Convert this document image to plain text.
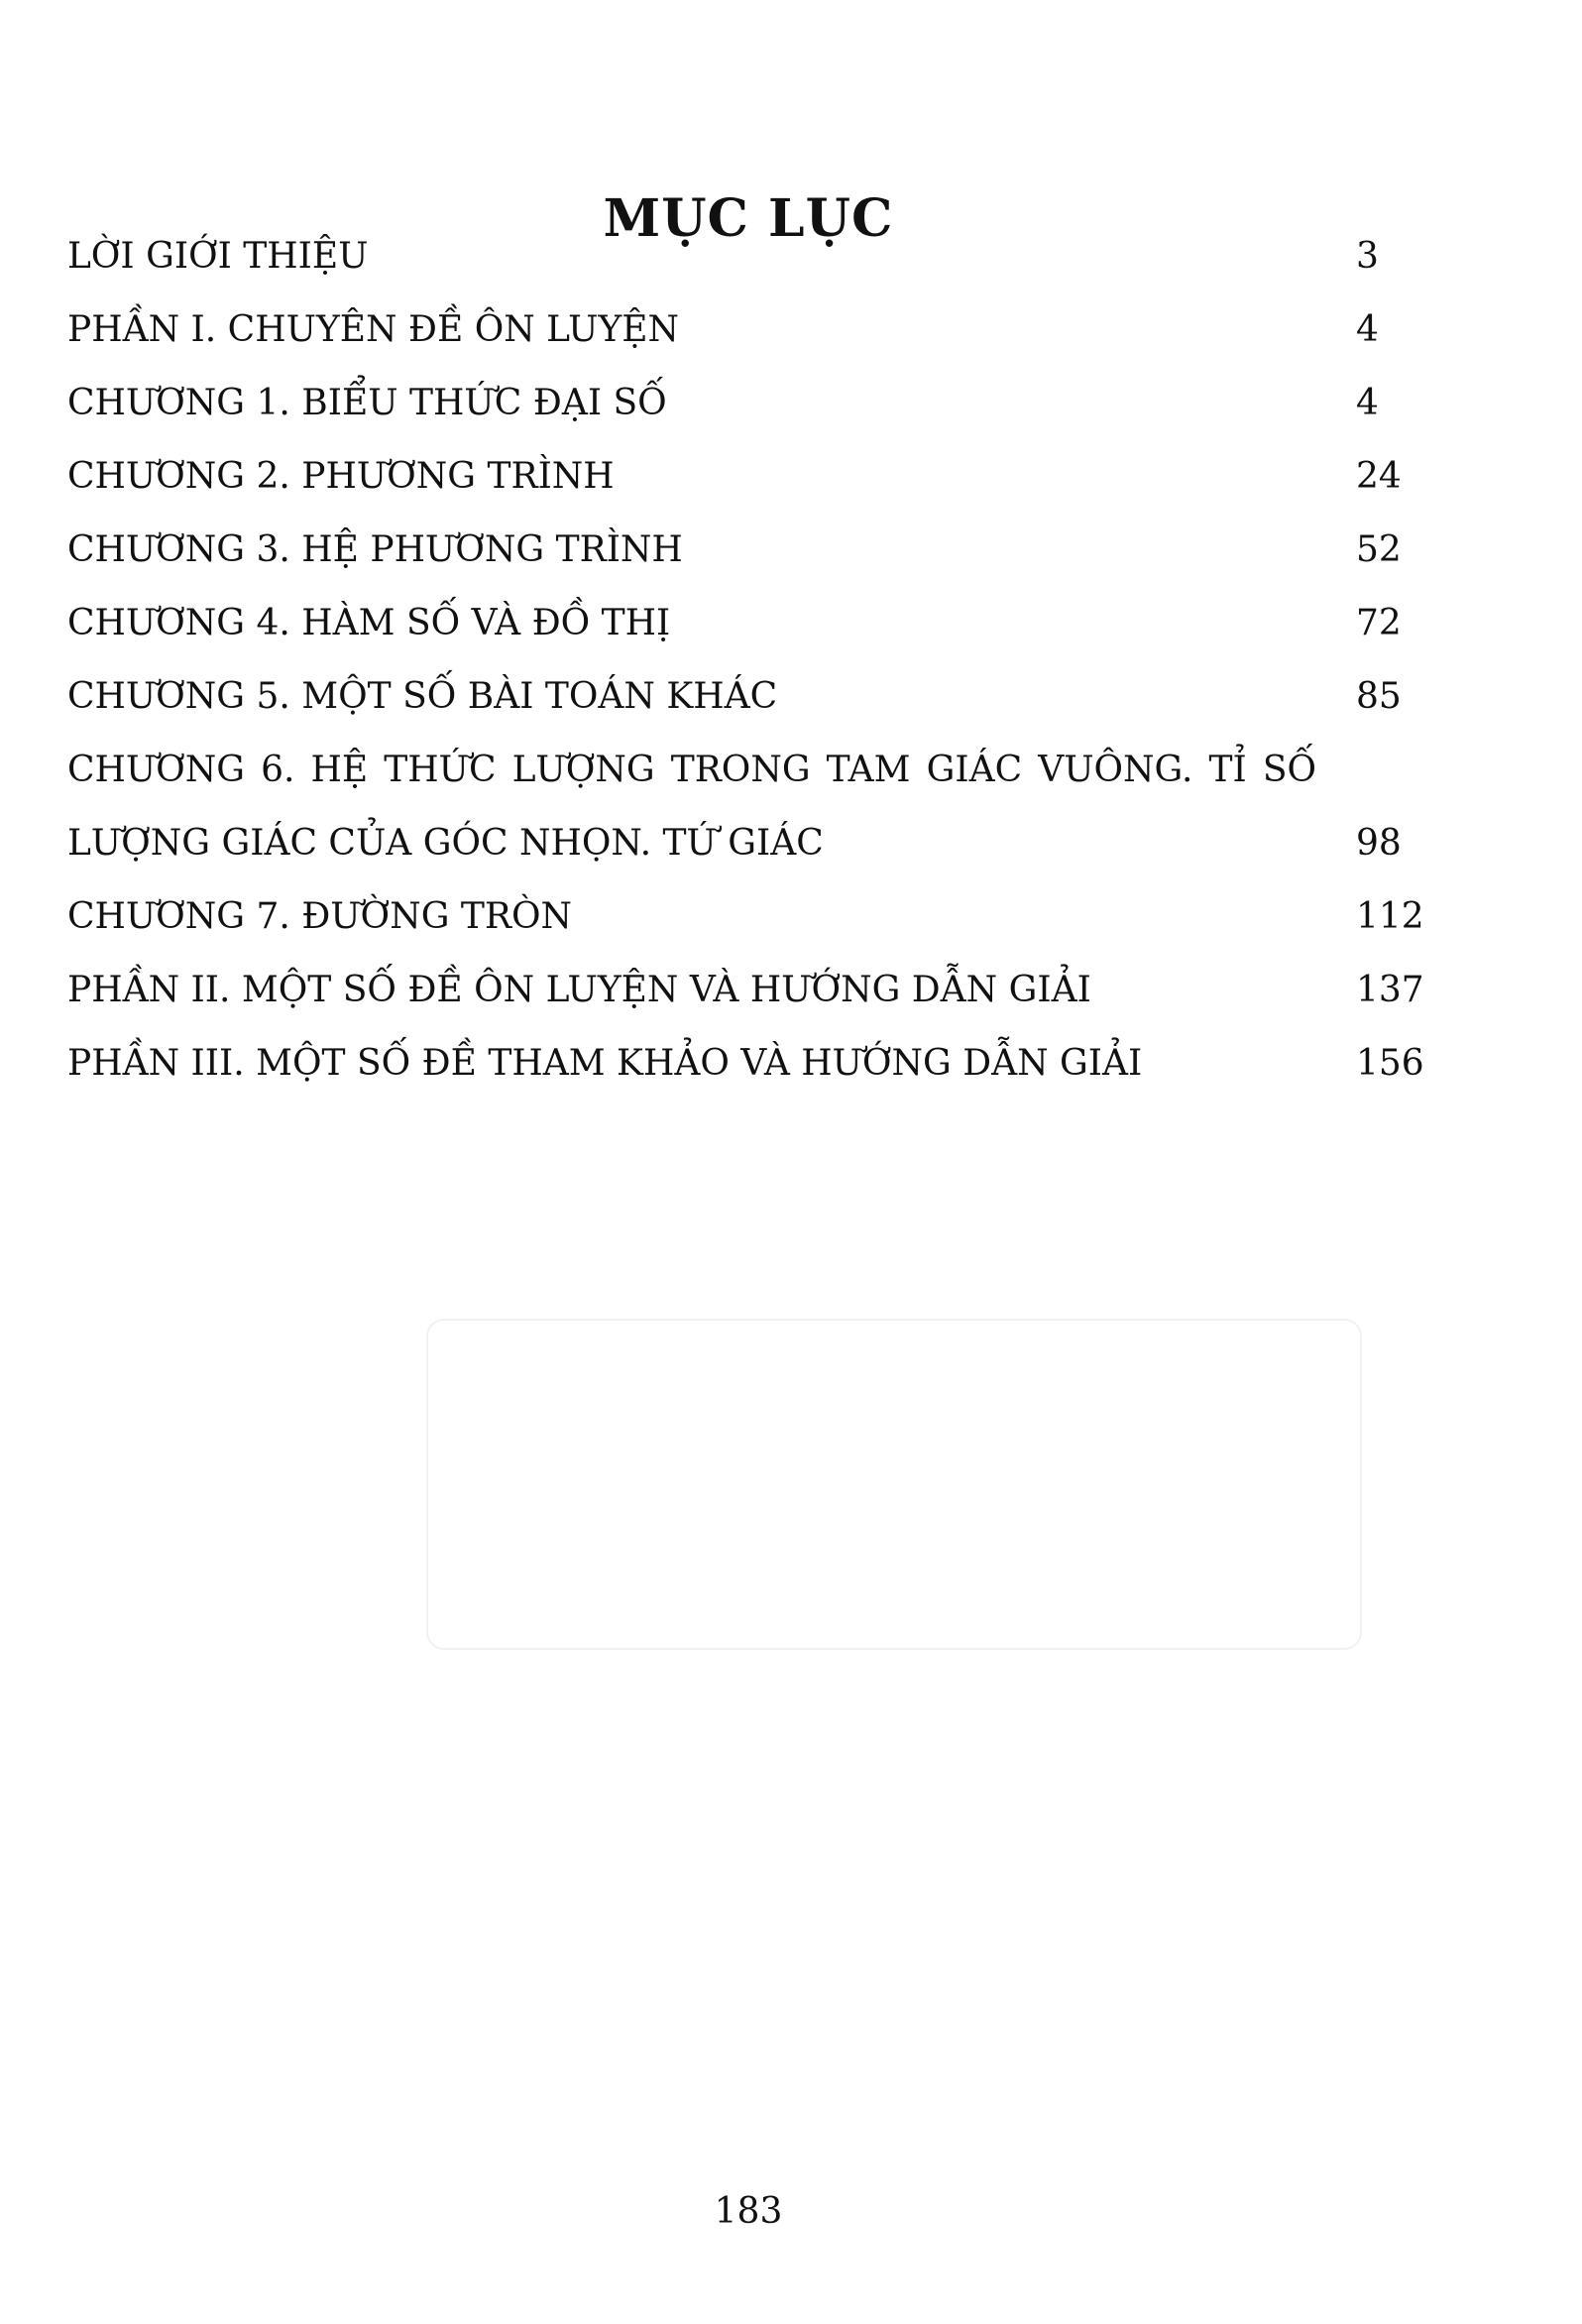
MỤC LỤC
LỜI GIỚI THIỆU	3
PHẦN I. CHUYÊN ĐỀ ÔN LUYỆN	4
CHƯƠNG 1. BIỂU THỨC ĐẠI SỐ	4
CHƯƠNG 2. PHƯƠNG TRÌNH	24
CHƯƠNG 3. HỆ PHƯƠNG TRÌNH	52
CHƯƠNG 4. HÀM SỐ VÀ ĐỒ THỊ	72
CHƯƠNG 5. MỘT SỐ BÀI TOÁN KHÁC	85
CHƯƠNG 6. HỆ THỨC LƯỢNG TRONG TAM GIÁC VUÔNG. TỈ SỐ
LƯỢNG GIÁC CỦA GÓC NHỌN. TỨ GIÁC	98
CHƯƠNG 7. ĐƯỜNG TRÒN	112
PHẦN II. MỘT SỐ ĐỀ ÔN LUYỆN VÀ HƯỚNG DẪN GIẢI	137
PHẦN III. MỘT SỐ ĐỀ THAM KHẢO VÀ HƯỚNG DẪN GIẢI	156
183
